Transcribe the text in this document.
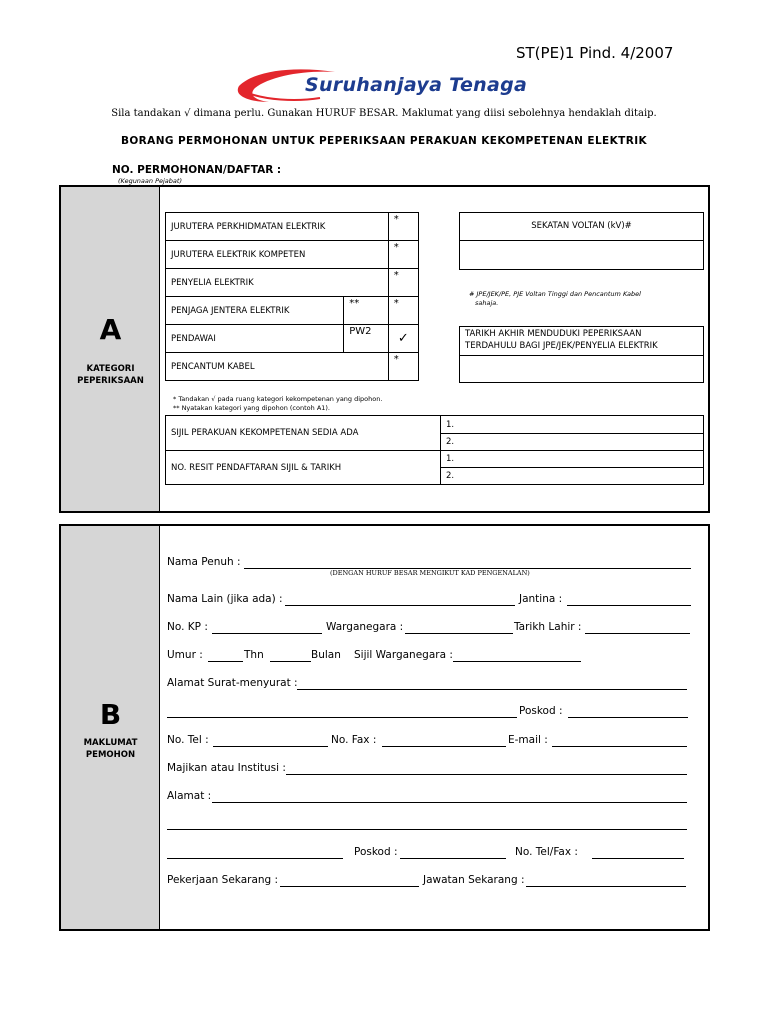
ST(PE)1 Pind. 4/2007
Suruhanjaya Tenaga
Sila tandakan √ dimana perlu. Gunakan HURUF BESAR. Maklumat yang diisi sebolehnya hendaklah ditaip.
BORANG PERMOHONAN UNTUK PEPERIKSAAN PERAKUAN KEKOMPETENAN ELEKTRIK
NO. PERMOHONAN/DAFTAR :
(Kegunaan Pejabat)
A
KATEGORI
PEPERIKSAAN
JURUTERA PERKHIDMATAN ELEKTRIK		*
JURUTERA ELEKTRIK KOMPETEN		*
PENYELIA ELEKTRIK		*
PENJAGA JENTERA ELEKTRIK	**	*
PENDAWAI	PW2	✓
PENCANTUM KABEL		*
SEKATAN VOLTAN (kV)#
# JPE/JEK/PE, PJE Voltan Tinggi dan Pencantum Kabel
sahaja.
TARIKH AKHIR MENDUDUKI PEPERIKSAAN
TERDAHULU BAGI JPE/JEK/PENYELIA ELEKTRIK
* Tandakan √ pada ruang kategori kekompetenan yang dipohon.
** Nyatakan kategori yang dipohon (contoh A1).
SIJIL PERAKUAN KEKOMPETENAN SEDIA ADA	1.
	2.
NO. RESIT PENDAFTARAN SIJIL & TARIKH	1.
	2.
B
MAKLUMAT
PEMOHON
Nama Penuh :
(DENGAN HURUF BESAR MENGIKUT KAD PENGENALAN)
Nama Lain (jika ada) :	Jantina :
No. KP :	Warganegara :	Tarikh Lahir :
Umur :	Thn	Bulan Sijil Warganegara :
Alamat Surat-menyurat :
Poskod :
No. Tel :	No. Fax :	E-mail :
Majikan atau Institusi :
Alamat :
Poskod :	No. Tel/Fax :
Pekerjaan Sekarang :	Jawatan Sekarang :
